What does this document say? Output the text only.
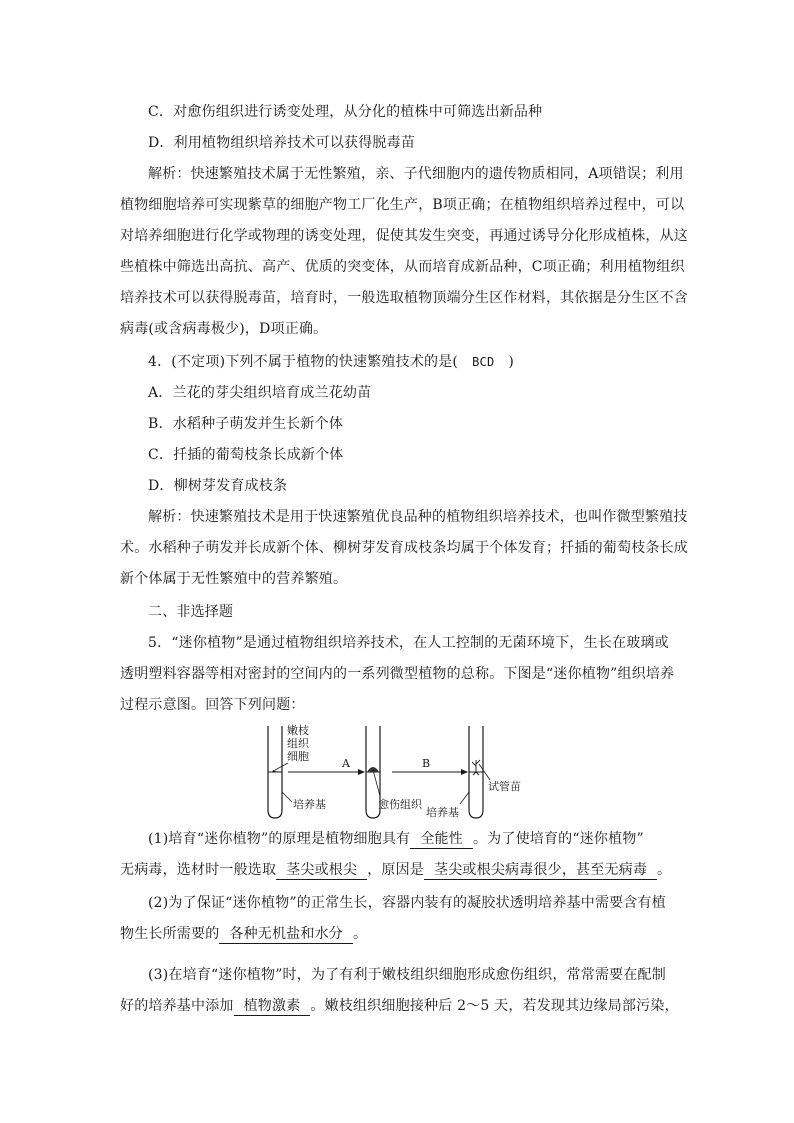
C．对愈伤组织进行诱变处理，从分化的植株中可筛选出新品种
D．利用植物组织培养技术可以获得脱毒苗
解析：快速繁殖技术属于无性繁殖，亲、子代细胞内的遗传物质相同，A项错误；利用
植物细胞培养可实现紫草的细胞产物工厂化生产，B项正确；在植物组织培养过程中，可以
对培养细胞进行化学或物理的诱变处理，促使其发生突变，再通过诱导分化形成植株，从这
些植株中筛选出高抗、高产、优质的突变体，从而培育成新品种，C项正确；利用植物组织
培养技术可以获得脱毒苗，培育时，一般选取植物顶端分生区作材料，其依据是分生区不含
病毒(或含病毒极少)，D项正确。
4．(不定项)下列不属于植物的快速繁殖技术的是( BCD )
A．兰花的芽尖组织培育成兰花幼苗
B．水稻种子萌发并生长新个体
C．扦插的葡萄枝条长成新个体
D．柳树芽发育成枝条
解析：快速繁殖技术是用于快速繁殖优良品种的植物组织培养技术，也叫作微型繁殖技
术。水稻种子萌发并长成新个体、柳树芽发育成枝条均属于个体发育；扦插的葡萄枝条长成
新个体属于无性繁殖中的营养繁殖。
二、非选择题
5．“迷你植物”是通过植物组织培养技术，在人工控制的无菌环境下，生长在玻璃或
透明塑料容器等相对密封的空间内的一系列微型植物的总称。下图是“迷你植物”组织培养
过程示意图。回答下列问题：
嫩枝
组织
细胞
A	B
培养基	愈伤组织
试管苗
培养基
(1)培育“迷你植物”的原理是植物细胞具有 全能性 。为了使培育的“迷你植物”
无病毒，选材时一般选取 茎尖或根尖 ，原因是 茎尖或根尖病毒很少，甚至无病毒 。
(2)为了保证“迷你植物”的正常生长，容器内装有的凝胶状透明培养基中需要含有植
物生长所需要的 各种无机盐和水分 。
(3)在培育“迷你植物”时，为了有利于嫩枝组织细胞形成愈伤组织，常常需要在配制
好的培养基中添加 植物激素 。嫩枝组织细胞接种后 2～5 天，若发现其边缘局部污染，
